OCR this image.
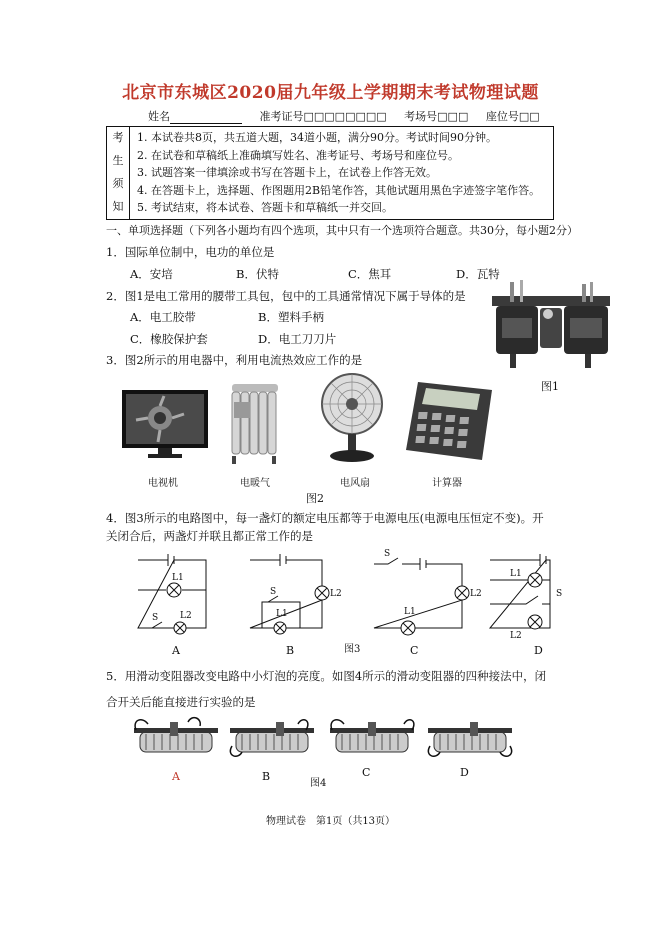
北京市东城区2020届九年级上学期期末考试物理试题
姓名	准考证号□□□□□□□□ 考场号□□□ 座位号□□
考
生
须
知
1. 本试卷共8页，共五道大题，34道小题，满分90分。考试时间90分钟。
2. 在试卷和草稿纸上准确填写姓名、准考证号、考场号和座位号。
3. 试题答案一律填涂或书写在答题卡上，在试卷上作答无效。
4. 在答题卡上，选择题、作图题用2B铅笔作答，其他试题用黑色字迹签字笔作答。
5. 考试结束，将本试卷、答题卡和草稿纸一并交回。
一、单项选择题（下列各小题均有四个选项，其中只有一个选项符合题意。共30分，每小题2分）
1．国际单位制中，电功的单位是
A．安培	B．伏特	C．焦耳	D．瓦特
2．图1是电工常用的腰带工具包，包中的工具通常情况下属于导体的是
A．电工胶带	B．塑料手柄
C．橡胶保护套	D．电工刀刀片
图1
3．图2所示的用电器中，利用电流热效应工作的是
电视机	电暖气	电风扇	计算器
图2
4．图3所示的电路图中，每一盏灯的额定电压都等于电源电压(电源电压恒定不变)。开
关闭合后，两盏灯并联且都正常工作的是
L1
L2
S
L2
L1
S	L2
L1
S
L1
L2
S
A	B	图3	C	D
5．用滑动变阻器改变电路中小灯泡的亮度。如图4所示的滑动变阻器的四种接法中，闭
合开关后能直接进行实验的是
A	B
图4
C	D
物理试卷　第1页（共13页）
